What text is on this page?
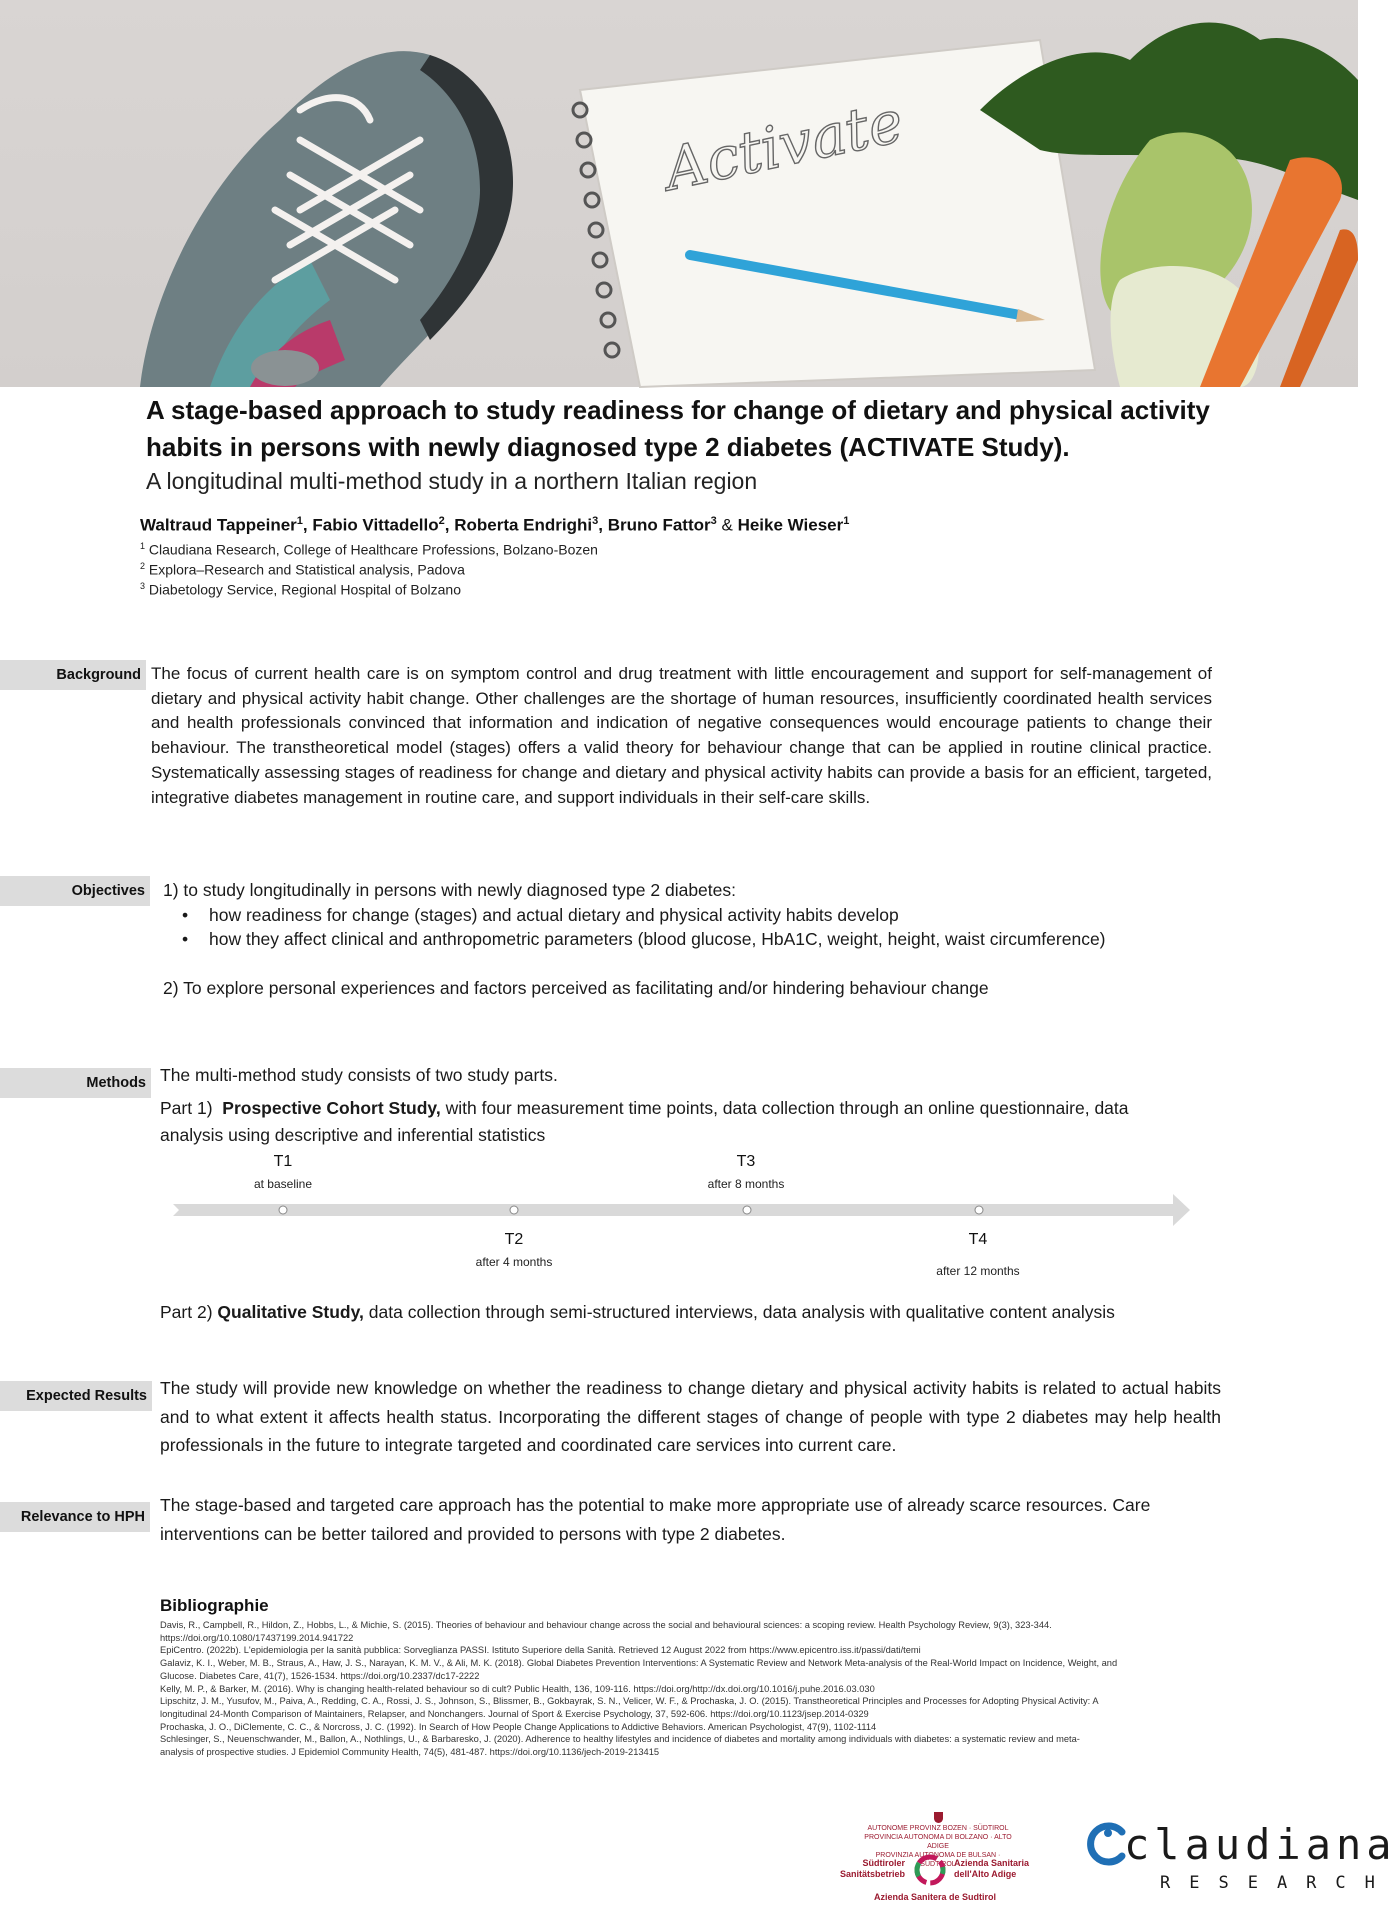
Activate
A stage-based approach to study readiness for change of dietary and physical activity
habits in persons with newly diagnosed type 2 diabetes (ACTIVATE Study).
A longitudinal multi-method study in a northern Italian region
Waltraud Tappeiner$^1$, Fabio Vittadello$^2$, Roberta Endrighi$^3$, Bruno Fattor$^3$ & Heike Wieser$^1$
$^1$ Claudiana Research, College of Healthcare Professions, Bolzano-Bozen
$^2$ Explora–Research and Statistical analysis, Padova
$^3$ Diabetology Service, Regional Hospital of Bolzano
Background The focus of current health care is on symptom control and drug treatment with little encouragement and support for self-management of dietary and physical activity habit change. Other challenges are the shortage of human resources, insufficiently coordinated health services and health professionals convinced that information and indication of negative consequences would encourage patients to change their behaviour. The transtheoretical model (stages) offers a valid theory for behaviour change that can be applied in routine clinical practice. Systematically assessing stages of readiness for change and dietary and physical activity habits can provide a basis for an efficient, targeted, integrative diabetes management in routine care, and support individuals in their self-care skills.
Objectives 1) to study longitudinally in persons with newly diagnosed type 2 diabetes:
• how readiness for change (stages) and actual dietary and physical activity habits develop
• how they affect clinical and anthropometric parameters (blood glucose, HbA1C, weight, height, waist circumference)
2) To explore personal experiences and factors perceived as facilitating and/or hindering behaviour change
Methods The multi-method study consists of two study parts.
Part 1) Prospective Cohort Study, with four measurement time points, data collection through an online questionnaire, data
analysis using descriptive and inferential statistics
T1
at baseline
T3
after 8 months
T2
after 4 months
T4
after 12 months
Part 2) Qualitative Study, data collection through semi-structured interviews, data analysis with qualitative content analysis
Expected Results The study will provide new knowledge on whether the readiness to change dietary and physical activity habits is related to actual habits and to what extent it affects health status. Incorporating the different stages of change of people with type 2 diabetes may help health professionals in the future to integrate targeted and coordinated care services into current care.
Relevance to HPH
The stage-based and targeted care approach has the potential to make more appropriate use of already scarce resources. Care interventions can be better tailored and provided to persons with type 2 diabetes.
Bibliographie
Davis, R., Campbell, R., Hildon, Z., Hobbs, L., & Michie, S. (2015). Theories of behaviour and behaviour change across the social and behavioural sciences: a scoping review. Health Psychology Review, 9(3), 323-344.
https://doi.org/10.1080/17437199.2014.941722
EpiCentro. (2022b). L'epidemiologia per la sanità pubblica: Sorveglianza PASSI. Istituto Superiore della Sanità. Retrieved 12 August 2022 from https://www.epicentro.iss.it/passi/dati/temi
Galaviz, K. I., Weber, M. B., Straus, A., Haw, J. S., Narayan, K. M. V., & Ali, M. K. (2018). Global Diabetes Prevention Interventions: A Systematic Review and Network Meta-analysis of the Real-World Impact on Incidence, Weight, and
Glucose. Diabetes Care, 41(7), 1526-1534. https://doi.org/10.2337/dc17-2222
Kelly, M. P., & Barker, M. (2016). Why is changing health-related behaviour so di cult? Public Health, 136, 109-116. https://doi.org/http://dx.doi.org/10.1016/j.puhe.2016.03.030
Lipschitz, J. M., Yusufov, M., Paiva, A., Redding, C. A., Rossi, J. S., Johnson, S., Blissmer, B., Gokbayrak, S. N., Velicer, W. F., & Prochaska, J. O. (2015). Transtheoretical Principles and Processes for Adopting Physical Activity: A
longitudinal 24-Month Comparison of Maintainers, Relapser, and Nonchangers. Journal of Sport & Exercise Psychology, 37, 592-606. https://doi.org/10.1123/jsep.2014-0329
Prochaska, J. O., DiClemente, C. C., & Norcross, J. C. (1992). In Search of How People Change Applications to Addictive Behaviors. American Psychologist, 47(9), 1102-1114
Schlesinger, S., Neuenschwander, M., Ballon, A., Nothlings, U., & Barbaresko, J. (2020). Adherence to healthy lifestyles and incidence of diabetes and mortality among individuals with diabetes: a systematic review and meta-
analysis of prospective studies. J Epidemiol Community Health, 74(5), 481-487. https://doi.org/10.1136/jech-2019-213415
AUTONOME PROVINZ BOZEN · SÜDTIROL
PROVINCIA AUTONOMA DI BOLZANO · ALTO ADIGE
PROVINZIA AUTONOMA DE BULSAN · SÜDTIROL
Südtiroler
Sanitätsbetrieb
Azienda Sanitaria
dell'Alto Adige
Azienda Sanitera de Sudtirol
claudiana
RESEARCH
